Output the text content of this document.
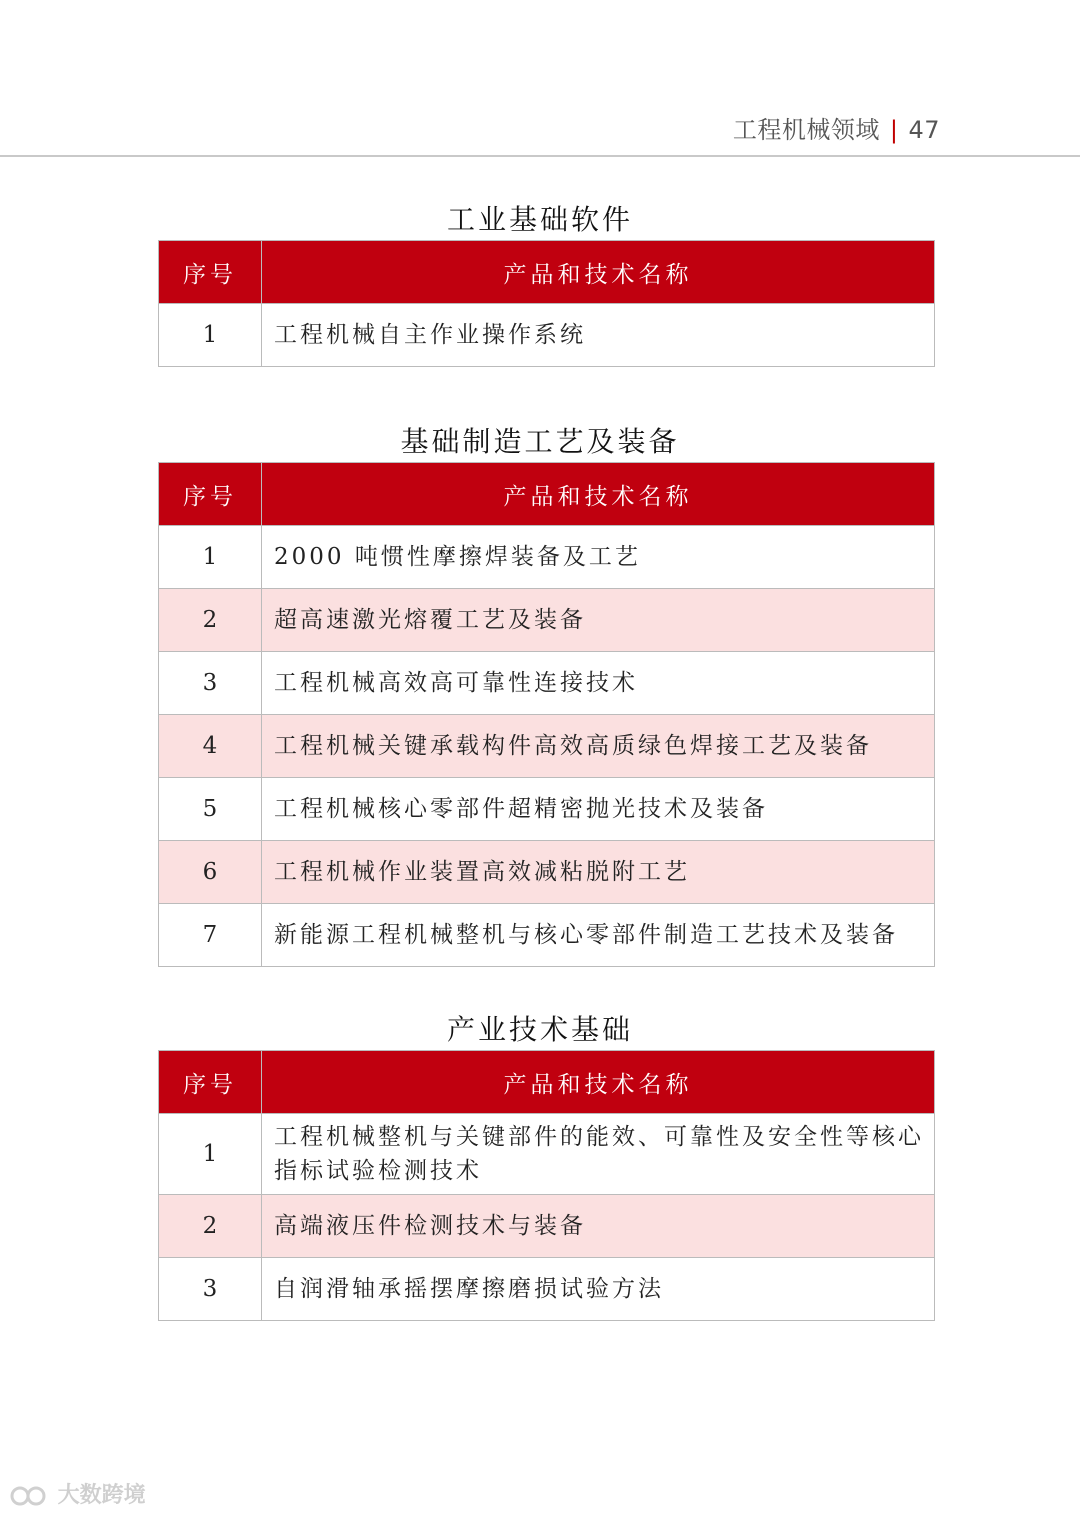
工程机械领域 | 47
工业基础软件
序号	产品和技术名称
1	工程机械自主作业操作系统
基础制造工艺及装备
序号	产品和技术名称
1	2000 吨惯性摩擦焊装备及工艺
2	超高速激光熔覆工艺及装备
3	工程机械高效高可靠性连接技术
4	工程机械关键承载构件高效高质绿色焊接工艺及装备
5	工程机械核心零部件超精密抛光技术及装备
6	工程机械作业装置高效减粘脱附工艺
7	新能源工程机械整机与核心零部件制造工艺技术及装备
产业技术基础
序号	产品和技术名称
1	工程机械整机与关键部件的能效、可靠性及安全性等核心指标试验检测技术
2	高端液压件检测技术与装备
3	自润滑轴承摇摆摩擦磨损试验方法
大数跨境
